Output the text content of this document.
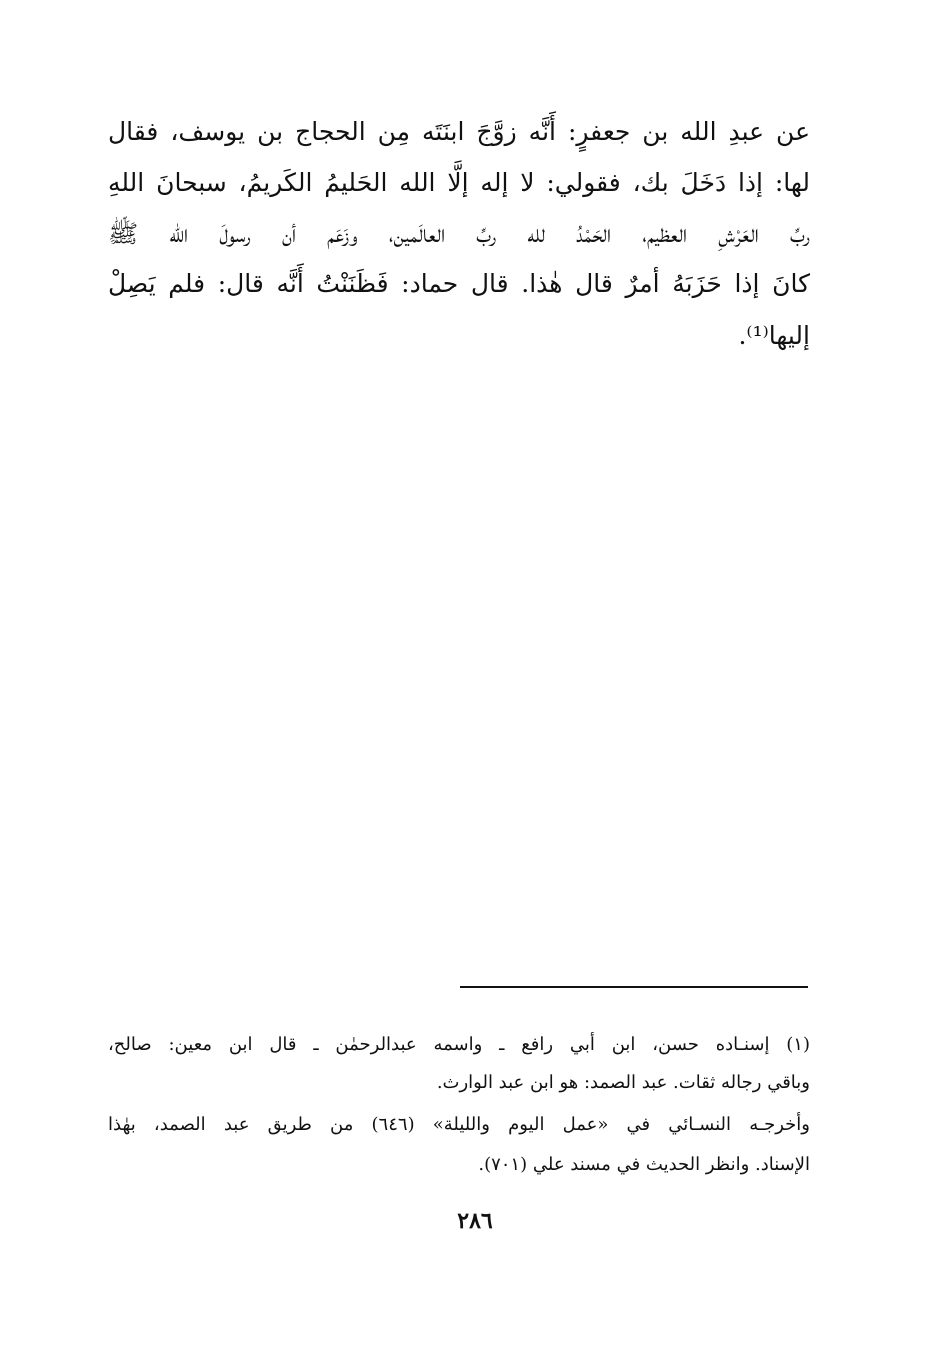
عن عبدِ الله بن جعفرٍ: أَنَّه زوَّجَ ابنَتَه مِن الحجاج بن يوسف، فقال
لها: إذا دَخَلَ بك، فقولي: لا إله إلَّا الله الحَليمُ الكَريمُ، سبحانَ اللهِ
ربِّ العَرْشِ العظيم، الحَمْدُ لله ربِّ العالَمين، وزَعَم أن رسولَ الله ﷺ
كانَ إذا حَزَبَهُ أمرٌ قال هٰذا. قال حماد: فَظَنَنْتُ أَنَّه قال: فلم يَصِلْ
إليها⁽¹⁾.
(١) إسنـاده حسن، ابن أبي رافع ـ واسمه عبدالرحمٰن ـ قال ابن معين: صالح،
وباقي رجاله ثقات. عبد الصمد: هو ابن عبد الوارث.
وأخرجـه النسـائي في «عمل اليوم والليلة» (٦٤٦) من طريق عبد الصمد، بهٰذا
الإسناد. وانظر الحديث في مسند علي (٧٠١).
٢٨٦
